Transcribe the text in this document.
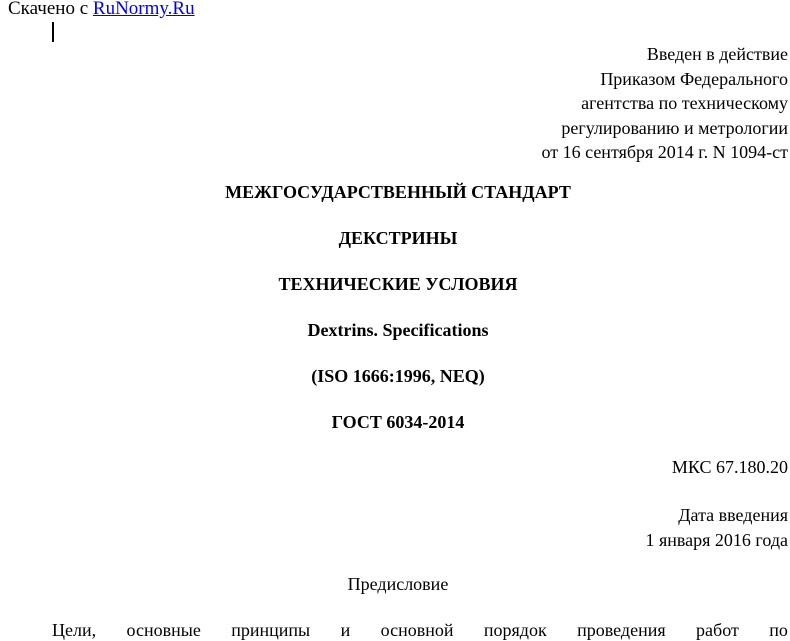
Скачено с RuNormy.Ru
Введен в действие
Приказом Федерального
агентства по техническому
регулированию и метрологии
от 16 сентября 2014 г. N 1094-ст
МЕЖГОСУДАРСТВЕННЫЙ СТАНДАРТ
ДЕКСТРИНЫ
ТЕХНИЧЕСКИЕ УСЛОВИЯ
Dextrins. Specifications
(ISO 1666:1996, NEQ)
ГОСТ 6034-2014
МКС 67.180.20
Дата введения
1 января 2016 года
Предисловие
Цели, основные принципы и основной порядок проведения работ по
